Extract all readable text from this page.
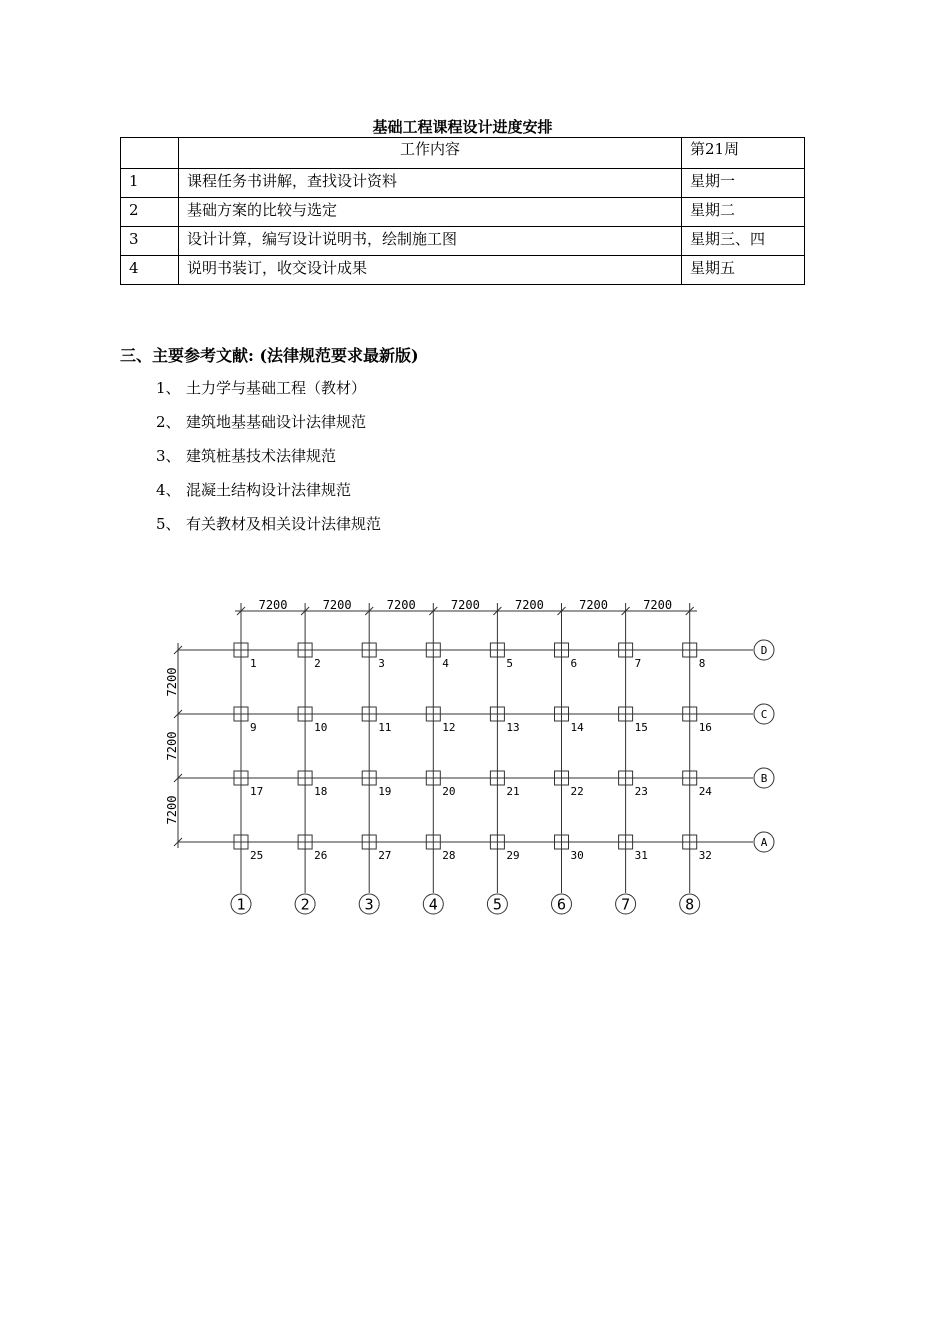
基础工程课程设计进度安排
	工作内容	第21周
1	课程任务书讲解，查找设计资料	星期一
2	基础方案的比较与选定	星期二
3	设计计算，编写设计说明书，绘制施工图	星期三、四
4	说明书装订，收交设计成果	星期五
三、主要参考文献: (法律规范要求最新版)
1、 土力学与基础工程（教材）
2、 建筑地基基础设计法律规范
3、 建筑桩基技术法律规范
4、 混凝土结构设计法律规范
5、 有关教材及相关设计法律规范
7200	7200	7200	7200	7200	7200	7200
7200
7200
7200
1	2	3	4	5	6	7	8
9	10	11	12	13	14	15	16
17	18	19	20	21	22	23	24
25	26	27	28	29	30	31	32
1	2	3	4	5	6	7	8
D
C
B
A
